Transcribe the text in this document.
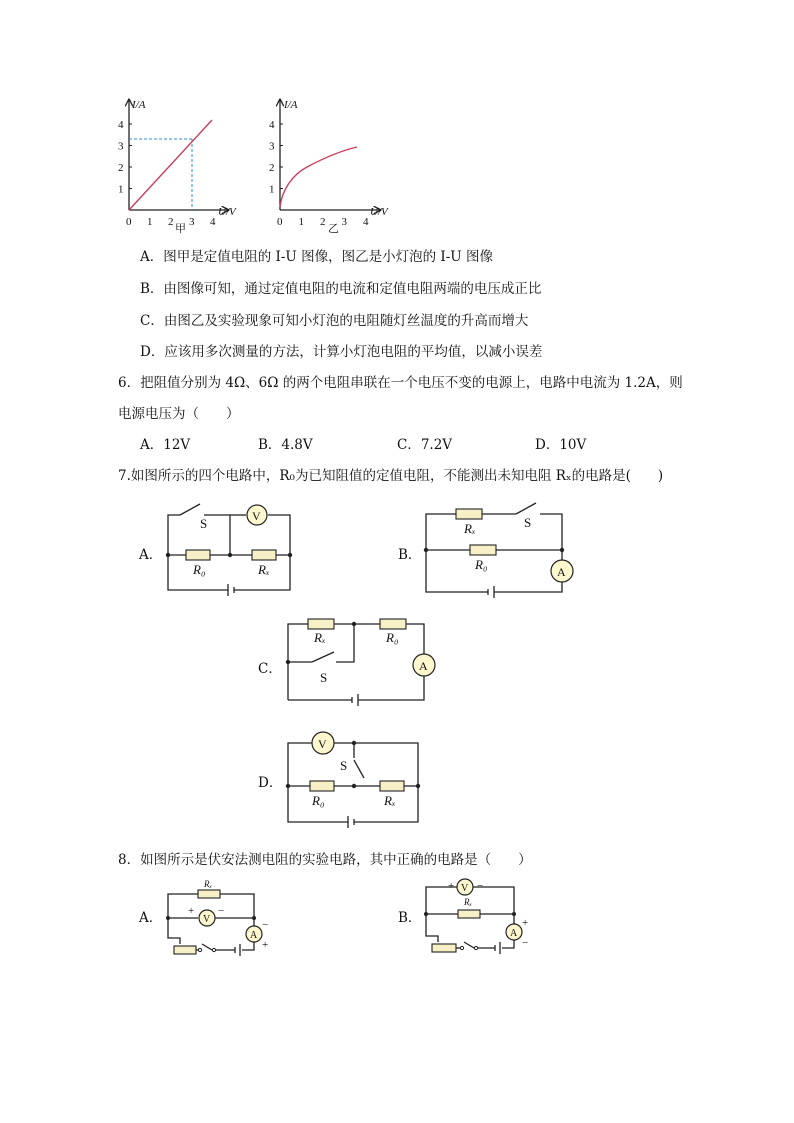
I/A
U/V
1
2
3
4
0 1 2 3 4
甲
I/A
U/V
1
2
3
4
0 1 2 3 4
乙
A．图甲是定值电阻的 I-U 图像，图乙是小灯泡的 I-U 图像
B．由图像可知，通过定值电阻的电流和定值电阻两端的电压成正比
C．由图乙及实验现象可知小灯泡的电阻随灯丝温度的升高而增大
D．应该用多次测量的方法，计算小灯泡电阻的平均值，以减小误差
6．把阻值分别为 4Ω、6Ω 的两个电阻串联在一个电压不变的电源上，电路中电流为 1.2A，则
电源电压为（　　）
A．12V	B．4.8V	C．7.2V	D．10V
7.如图所示的四个电路中，R₀为已知阻值的定值电阻，不能测出未知电阻 Rₓ的电路是(　　)
A．
V
S
R₀	Rₓ
B．
A
S
Rₓ
R₀
C．	A
Rₓ	R₀
S
D．
V
S
R₀	Rₓ
8．如图所示是伏安法测电阻的实验电路，其中正确的电路是（　　）
A．
Rₓ
V
+ −
A
−
+
B．
+ V −
Rₓ
A
+
−
